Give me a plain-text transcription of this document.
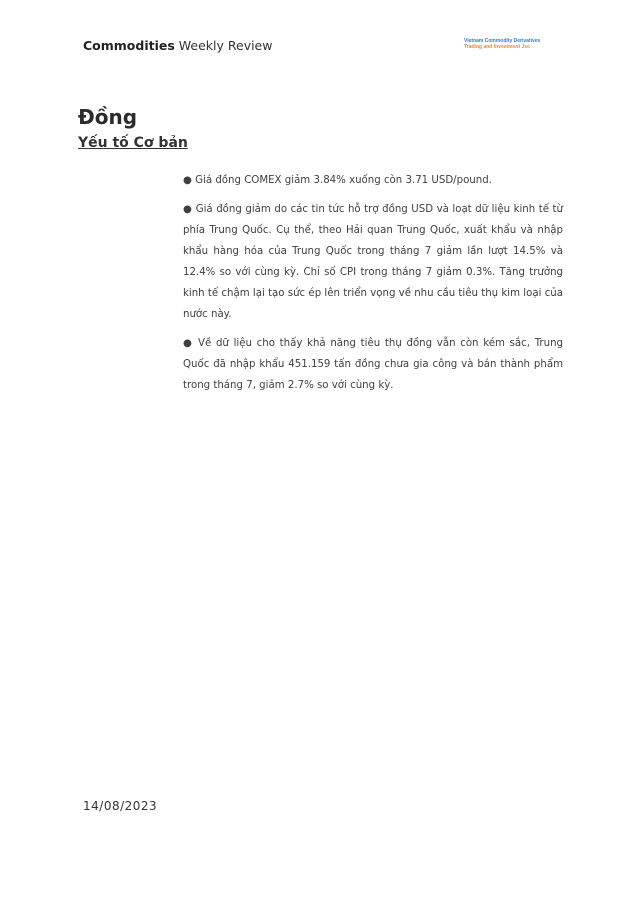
Commodities Weekly Review	Vietnam Commodity Derivatives
Trading and Investment Jsc
Đồng
Yếu tố Cơ bản

● Giá đồng COMEX giảm 3.84% xuống còn 3.71 USD/pound.

● Giá đồng giảm do các tin tức hỗ trợ đồng USD và loạt dữ liệu kinh tế từ phía Trung Quốc. Cụ thể, theo Hải quan Trung Quốc, xuất khẩu và nhập khẩu hàng hóa của Trung Quốc trong tháng 7 giảm lần lượt 14.5% và 12.4% so với cùng kỳ. Chỉ số CPI trong tháng 7 giảm 0.3%. Tăng trưởng kinh tế chậm lại tạo sức ép lên triển vọng về nhu cầu tiêu thụ kim loại của nước này.

● Về dữ liệu cho thấy khả năng tiêu thụ đồng vẫn còn kém sắc, Trung Quốc đã nhập khẩu 451.159 tấn đồng chưa gia công và bán thành phẩm trong tháng 7, giảm 2.7% so với cùng kỳ.

14/08/2023
